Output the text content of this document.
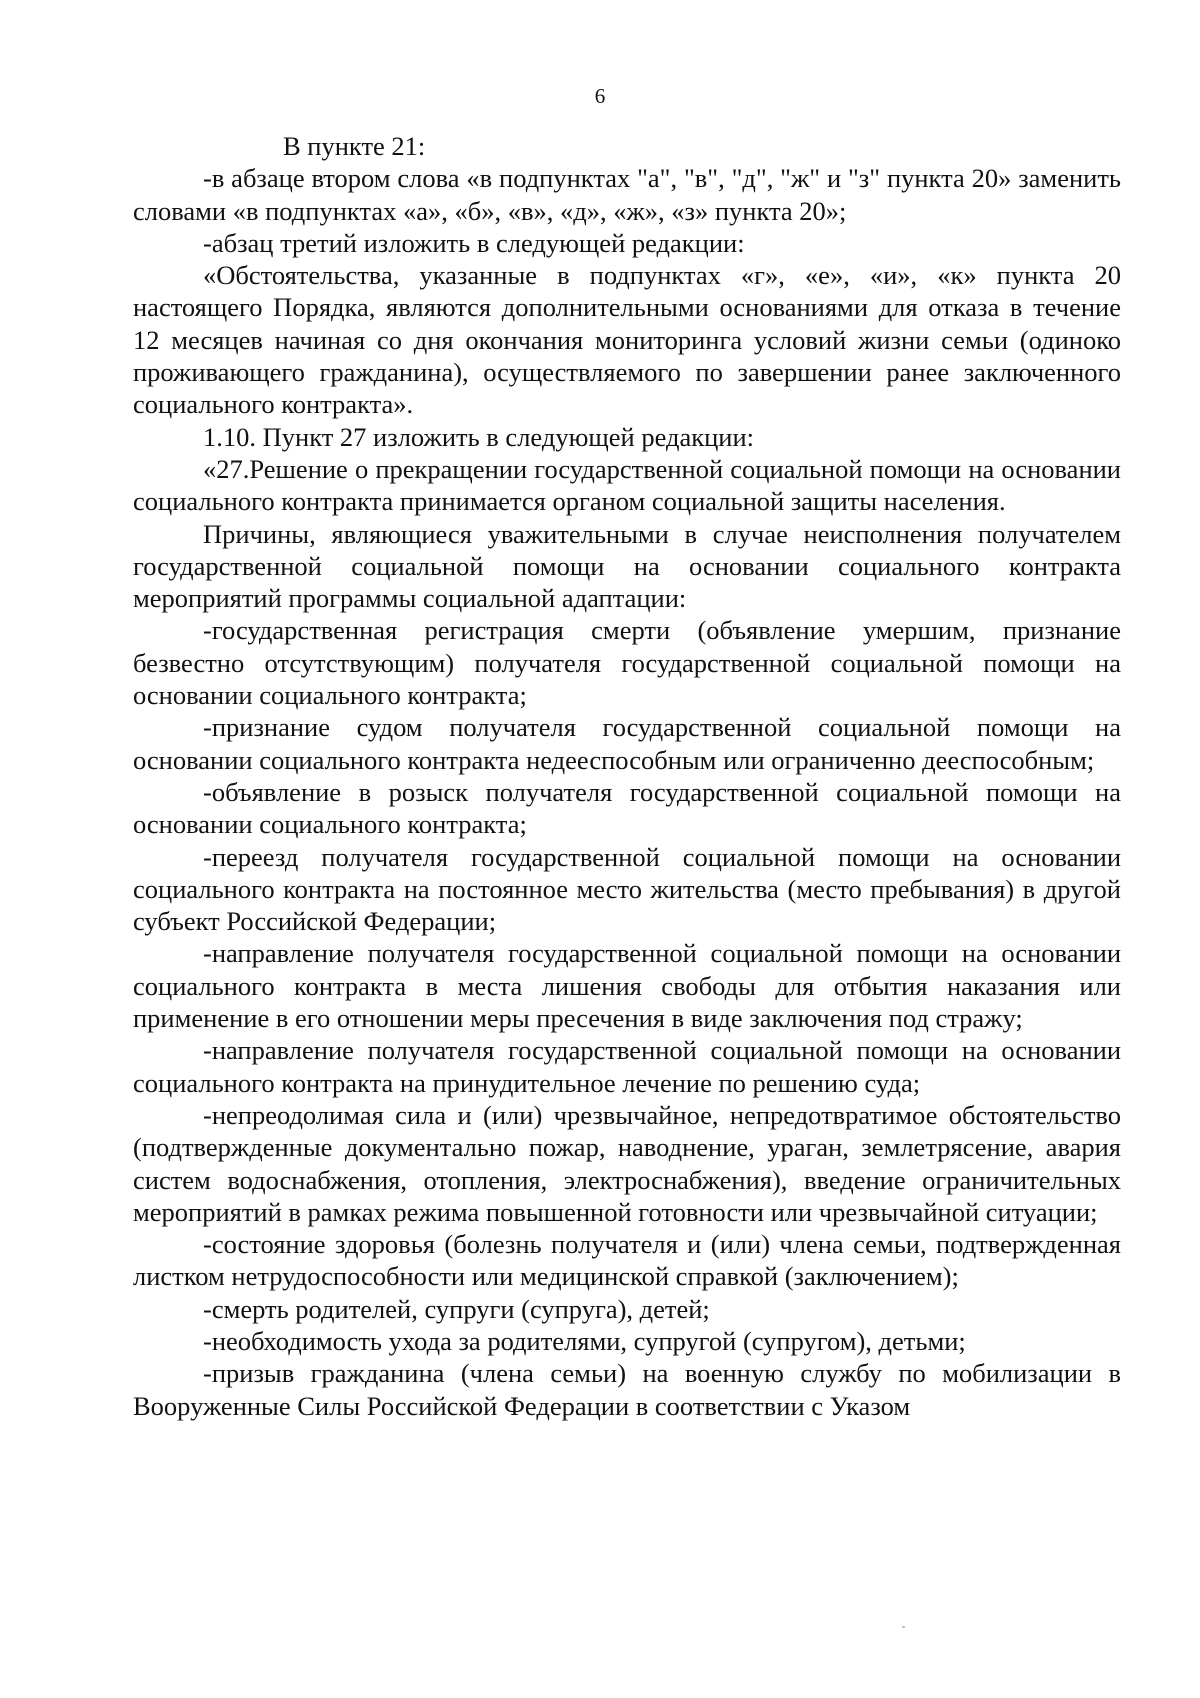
6

В пункте 21:

-в абзаце втором слова «в подпунктах "а", "в", "д", "ж" и "з" пункта 20» заменить словами «в подпунктах «а», «б», «в», «д», «ж», «з» пункта 20»;

-абзац третий изложить в следующей редакции:

«Обстоятельства, указанные в подпунктах «г», «е», «и», «к» пункта 20 настоящего Порядка, являются дополнительными основаниями для отказа в течение 12 месяцев начиная со дня окончания мониторинга условий жизни семьи (одиноко проживающего гражданина), осуществляемого по завершении ранее заключенного социального контракта».

1.10. Пункт 27 изложить в следующей редакции:

«27.Решение о прекращении государственной социальной помощи на основании социального контракта принимается органом социальной защиты населения.

Причины, являющиеся уважительными в случае неисполнения получателем государственной социальной помощи на основании социального контракта мероприятий программы социальной адаптации:

-государственная регистрация смерти (объявление умершим, признание безвестно отсутствующим) получателя государственной социальной помощи на основании социального контракта;

-признание судом получателя государственной социальной помощи на основании социального контракта недееспособным или ограниченно дееспособным;

-объявление в розыск получателя государственной социальной помощи на основании социального контракта;

-переезд получателя государственной социальной помощи на основании социального контракта на постоянное место жительства (место пребывания) в другой субъект Российской Федерации;

-направление получателя государственной социальной помощи на основании социального контракта в места лишения свободы для отбытия наказания или применение в его отношении меры пресечения в виде заключения под стражу;

-направление получателя государственной социальной помощи на основании социального контракта на принудительное лечение по решению суда;

-непреодолимая сила и (или) чрезвычайное, непредотвратимое обстоятельство (подтвержденные документально пожар, наводнение, ураган, землетрясение, авария систем водоснабжения, отопления, электроснабжения), введение ограничительных мероприятий в рамках режима повышенной готовности или чрезвычайной ситуации;

-состояние здоровья (болезнь получателя и (или) члена семьи, подтвержденная листком нетрудоспособности или медицинской справкой (заключением);

-смерть родителей, супруги (супруга), детей;

-необходимость ухода за родителями, супругой (супругом), детьми;

-призыв гражданина (члена семьи) на военную службу по мобилизации в Вооруженные Силы Российской Федерации в соответствии с Указом
